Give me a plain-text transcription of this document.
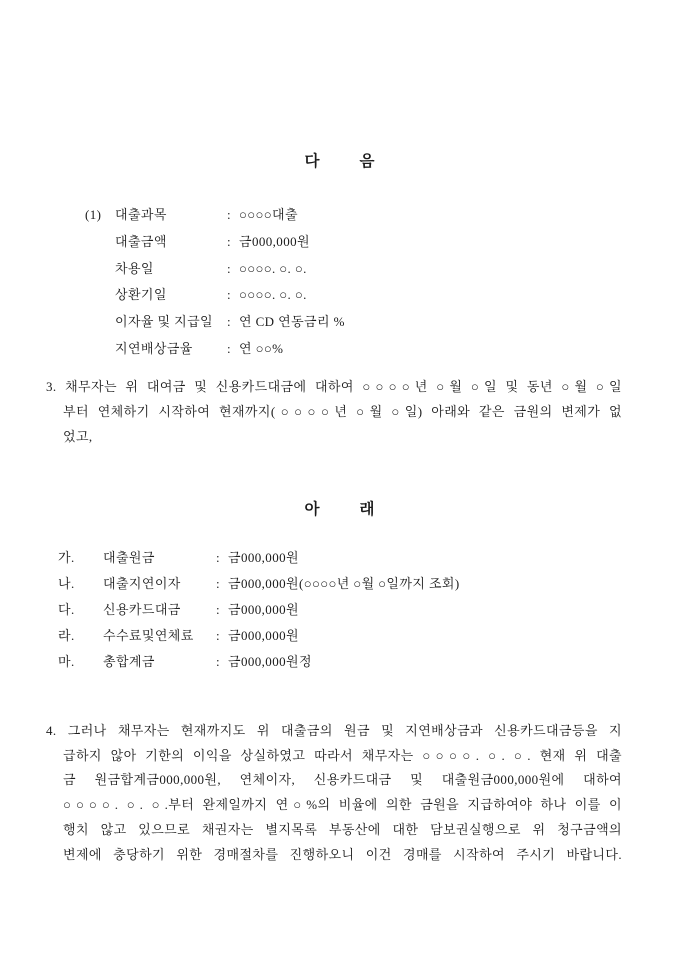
다        음
(1)	대출과목	: ○○○○대출
대출금액	: 금000,000원
차용일	: ○○○○. ○. ○.
상환기일	: ○○○○. ○. ○.
이자율 및 지급일	: 연 CD 연동금리 %
지연배상금율	: 연 ○○%
3. 채무자는 위 대여금 및 신용카드대금에 대하여 ○○○○년 ○월 ○일 및 동년 ○월 ○일
부터 연체하기 시작하여 현재까지(○○○○년 ○월 ○일) 아래와 같은 금원의 변제가 없
었고,
아        래
가.	대출원금	: 금000,000원
나.	대출지연이자	: 금000,000원(○○○○년 ○월 ○일까지 조회)
다.	신용카드대금	: 금000,000원
라.	수수료및연체료	: 금000,000원
마.	총합계금	: 금000,000원정
4. 그러나 채무자는 현재까지도 위 대출금의 원금 및 지연배상금과 신용카드대금등을 지
급하지 않아 기한의 이익을 상실하였고 따라서 채무자는 ○○○○. ○. ○. 현재 위 대출
금 원금합계금000,000원, 연체이자, 신용카드대금 및 대출원금000,000원에 대하여
○○○○. ○. ○.부터 완제일까지 연○%의 비율에 의한 금원을 지급하여야 하나 이를 이
행치 않고 있으므로 채권자는 별지목록 부동산에 대한 담보권실행으로 위 청구금액의
변제에 충당하기 위한 경매절차를 진행하오니 이건 경매를 시작하여 주시기 바랍니다.
